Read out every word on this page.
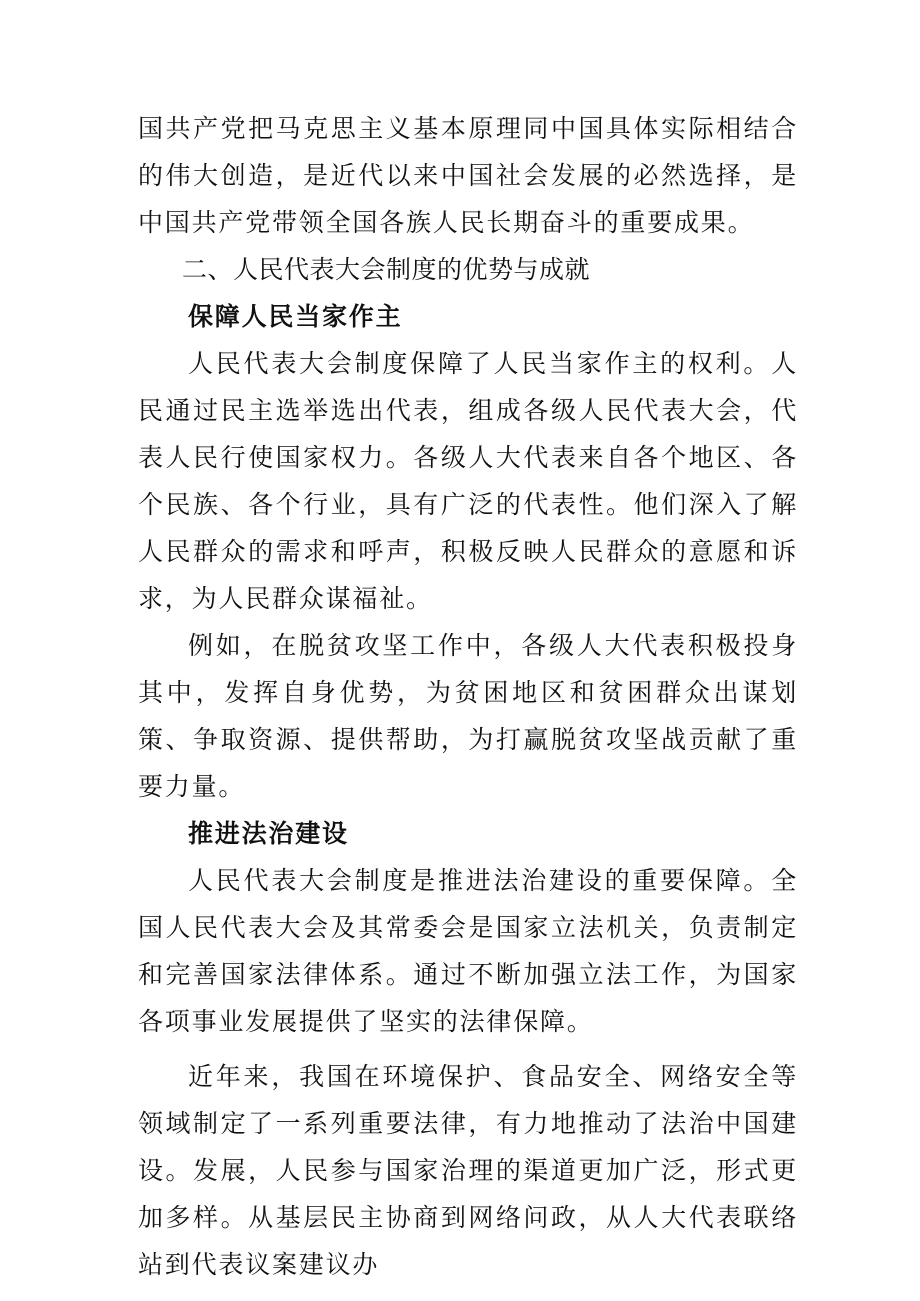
国共产党把马克思主义基本原理同中国具体实际相结合的伟大创造，是近代以来中国社会发展的必然选择，是中国共产党带领全国各族人民长期奋斗的重要成果。

二、人民代表大会制度的优势与成就
保障人民当家作主

人民代表大会制度保障了人民当家作主的权利。人民通过民主选举选出代表，组成各级人民代表大会，代表人民行使国家权力。各级人大代表来自各个地区、各个民族、各个行业，具有广泛的代表性。他们深入了解人民群众的需求和呼声，积极反映人民群众的意愿和诉求，为人民群众谋福祉。

例如，在脱贫攻坚工作中，各级人大代表积极投身其中，发挥自身优势，为贫困地区和贫困群众出谋划策、争取资源、提供帮助，为打赢脱贫攻坚战贡献了重要力量。

推进法治建设

人民代表大会制度是推进法治建设的重要保障。全国人民代表大会及其常委会是国家立法机关，负责制定和完善国家法律体系。通过不断加强立法工作，为国家各项事业发展提供了坚实的法律保障。

近年来，我国在环境保护、食品安全、网络安全等领域制定了一系列重要法律，有力地推动了法治中国建设。发展，人民参与国家治理的渠道更加广泛，形式更加多样。从基层民主协商到网络问政，从人大代表联络站到代表议案建议办
